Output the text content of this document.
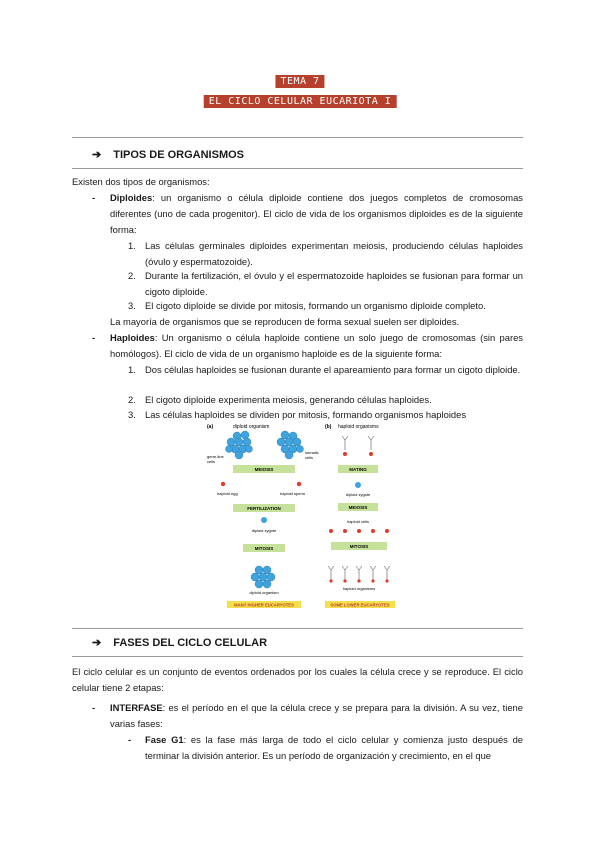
TEMA 7
EL CICLO CELULAR EUCARIOTA I
➔ TIPOS DE ORGANISMOS
Existen dos tipos de organismos:
- Diploides: un organismo o célula diploide contiene dos juegos completos de cromosomas diferentes (uno de cada progenitor). El ciclo de vida de los organismos diploides es de la siguiente forma:
1. Las células germinales diploides experimentan meiosis, produciendo células haploides (óvulo y espermatozoide).
2. Durante la fertilización, el óvulo y el espermatozoide haploides se fusionan para formar un cigoto diploide.
3. El cigoto diploide se divide por mitosis, formando un organismo diploide completo.
La mayoría de organismos que se reproducen de forma sexual suelen ser diploides.
- Haploides: Un organismo o célula haploide contiene un solo juego de cromosomas (sin pares homólogos). El ciclo de vida de un organismo haploide es de la siguiente forma:
1. Dos células haploides se fusionan durante el apareamiento para formar un cigoto diploide.
2. El cigoto diploide experimenta meiosis, generando células haploides.
3. Las células haploides se dividen por mitosis, formando organismos haploides
(a)	diploid organism
germ-line
cells
somatic
cells
MEIOSIS
haploid egg	haploid sperm
FERTILIZATION
diploid zygote
MITOSIS
diploid organism
MANY HIGHER EUCARYOTES
(b) haploid organisms
MATING
diploid zygote
MEIOSIS
haploid cells
MITOSIS
haploid organisms
SOME LOWER EUCARYOTES
➔ FASES DEL CICLO CELULAR
El ciclo celular es un conjunto de eventos ordenados por los cuales la célula crece y se reproduce. El ciclo celular tiene 2 etapas:
- INTERFASE: es el período en el que la célula crece y se prepara para la división. A su vez, tiene varias fases:
- Fase G1: es la fase más larga de todo el ciclo celular y comienza justo después de terminar la división anterior. Es un período de organización y crecimiento, en el que
